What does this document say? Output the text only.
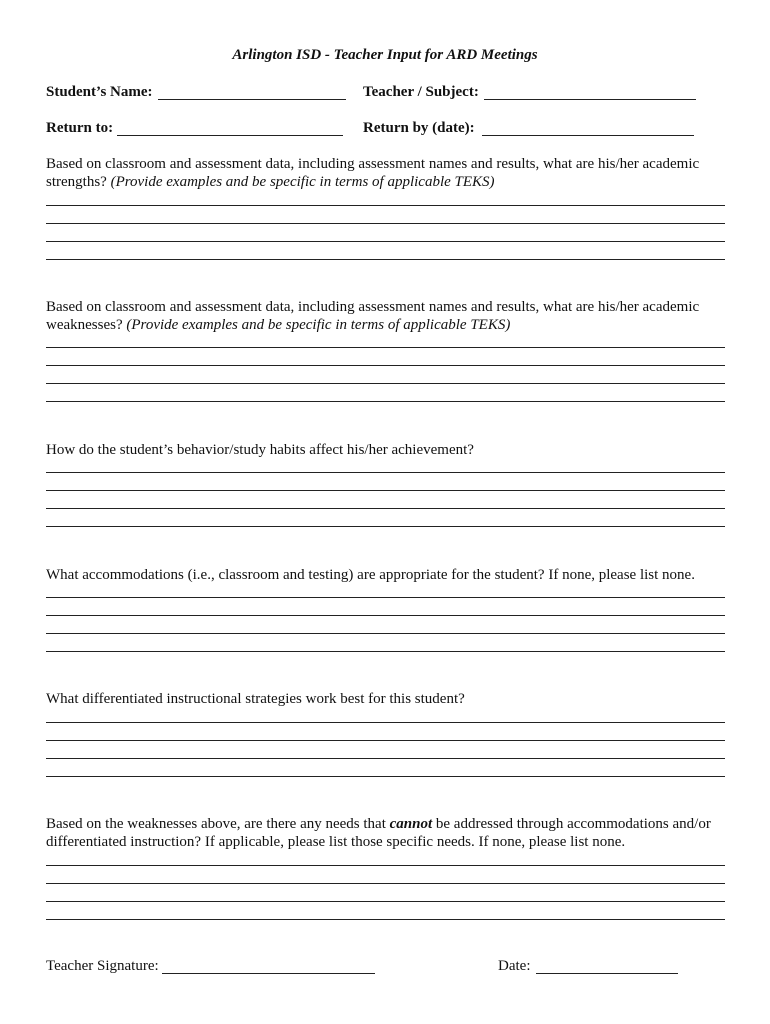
Arlington ISD - Teacher Input for ARD Meetings
Student’s Name:	Teacher / Subject:
Return to:	Return by (date):
Based on classroom and assessment data, including assessment names and results, what are his/her academic strengths? (Provide examples and be specific in terms of applicable TEKS)
Based on classroom and assessment data, including assessment names and results, what are his/her academic weaknesses? (Provide examples and be specific in terms of applicable TEKS)
How do the student’s behavior/study habits affect his/her achievement?
What accommodations (i.e., classroom and testing) are appropriate for the student? If none, please list none.
What differentiated instructional strategies work best for this student?
Based on the weaknesses above, are there any needs that cannot be addressed through accommodations and/or differentiated instruction? If applicable, please list those specific needs. If none, please list none.
Teacher Signature:	Date:
